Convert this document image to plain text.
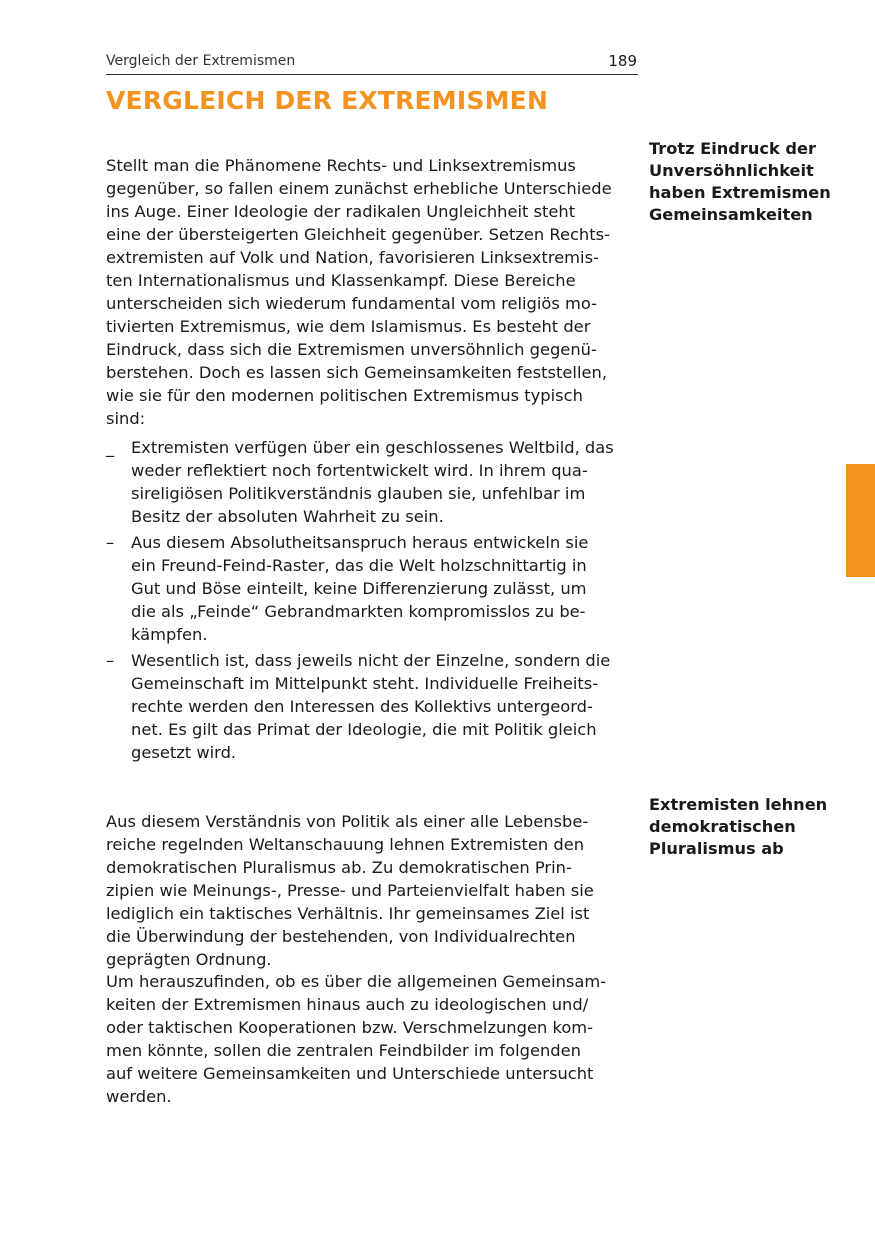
Vergleich der Extremismen	189
VERGLEICH DER EXTREMISMEN

Stellt man die Phänomene Rechts- und Linksextremismus
gegenüber, so fallen einem zunächst erhebliche Unterschiede
ins Auge. Einer Ideologie der radikalen Ungleichheit steht
eine der übersteigerten Gleichheit gegenüber. Setzen Rechts-
extremisten auf Volk und Nation, favorisieren Linksextremis-
ten Internationalismus und Klassenkampf. Diese Bereiche
unterscheiden sich wiederum fundamental vom religiös mo-
tivierten Extremismus, wie dem Islamismus. Es besteht der
Eindruck, dass sich die Extremismen unversöhnlich gegenü-
berstehen. Doch es lassen sich Gemeinsamkeiten feststellen,
wie sie für den modernen politischen Extremismus typisch
sind:

_ Extremisten verfügen über ein geschlossenes Weltbild, das
weder reflektiert noch fortentwickelt wird. In ihrem qua-
sireligiösen Politikverständnis glauben sie, unfehlbar im
Besitz der absoluten Wahrheit zu sein.
– Aus diesem Absolutheitsanspruch heraus entwickeln sie
ein Freund-Feind-Raster, das die Welt holzschnittartig in
Gut und Böse einteilt, keine Differenzierung zulässt, um
die als „Feinde“ Gebrandmarkten kompromisslos zu be-
kämpfen.
– Wesentlich ist, dass jeweils nicht der Einzelne, sondern die
Gemeinschaft im Mittelpunkt steht. Individuelle Freiheits-
rechte werden den Interessen des Kollektivs untergeord-
net. Es gilt das Primat der Ideologie, die mit Politik gleich
gesetzt wird.

Aus diesem Verständnis von Politik als einer alle Lebensbe-
reiche regelnden Weltanschauung lehnen Extremisten den
demokratischen Pluralismus ab. Zu demokratischen Prin-
zipien wie Meinungs-, Presse- und Parteienvielfalt haben sie
lediglich ein taktisches Verhältnis. Ihr gemeinsames Ziel ist
die Überwindung der bestehenden, von Individualrechten
geprägten Ordnung.

Um herauszufinden, ob es über die allgemeinen Gemeinsam-
keiten der Extremismen hinaus auch zu ideologischen und/
oder taktischen Kooperationen bzw. Verschmelzungen kom-
men könnte, sollen die zentralen Feindbilder im folgenden
auf weitere Gemeinsamkeiten und Unterschiede untersucht
werden.

Trotz Eindruck der
Unversöhnlichkeit
haben Extremismen
Gemeinsamkeiten
Extremisten lehnen
demokratischen
Pluralismus ab
